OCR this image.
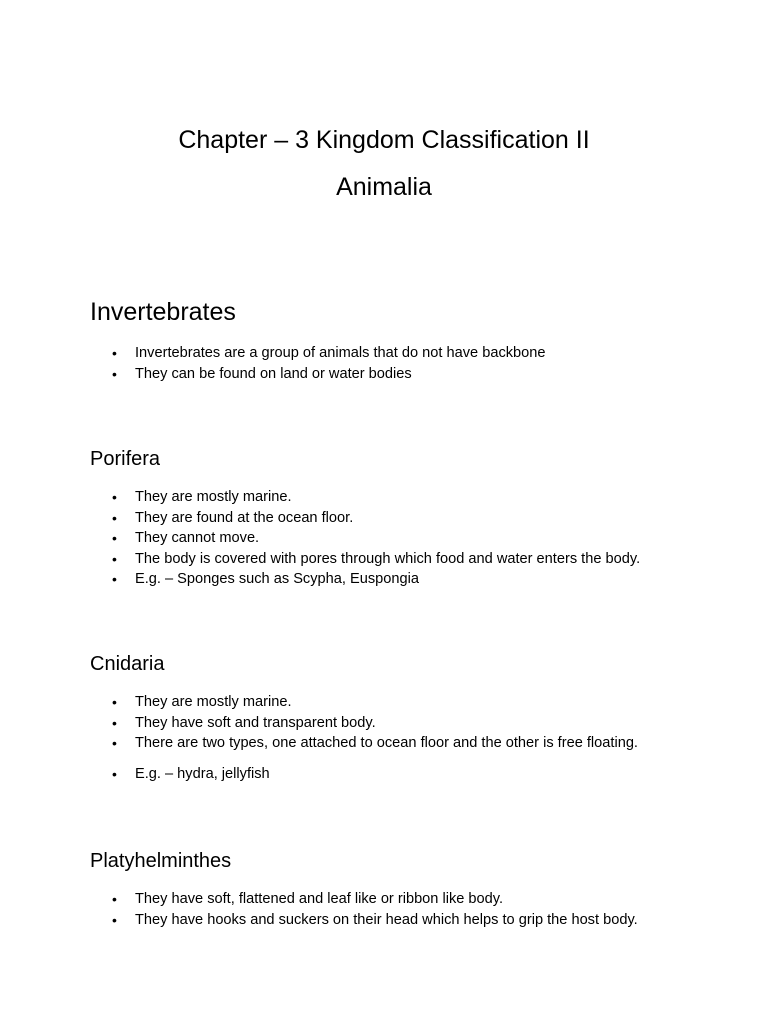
Chapter – 3 Kingdom Classification II
Animalia
Invertebrates
• Invertebrates are a group of animals that do not have backbone
• They can be found on land or water bodies
Porifera
• They are mostly marine.
• They are found at the ocean floor.
• They cannot move.
• The body is covered with pores through which food and water enters the body.
• E.g. – Sponges such as Scypha, Euspongia
Cnidaria
• They are mostly marine.
• They have soft and transparent body.
• There are two types, one attached to ocean floor and the other is free floating.
• E.g. – hydra, jellyfish
Platyhelminthes
• They have soft, flattened and leaf like or ribbon like body.
• They have hooks and suckers on their head which helps to grip the host body.
